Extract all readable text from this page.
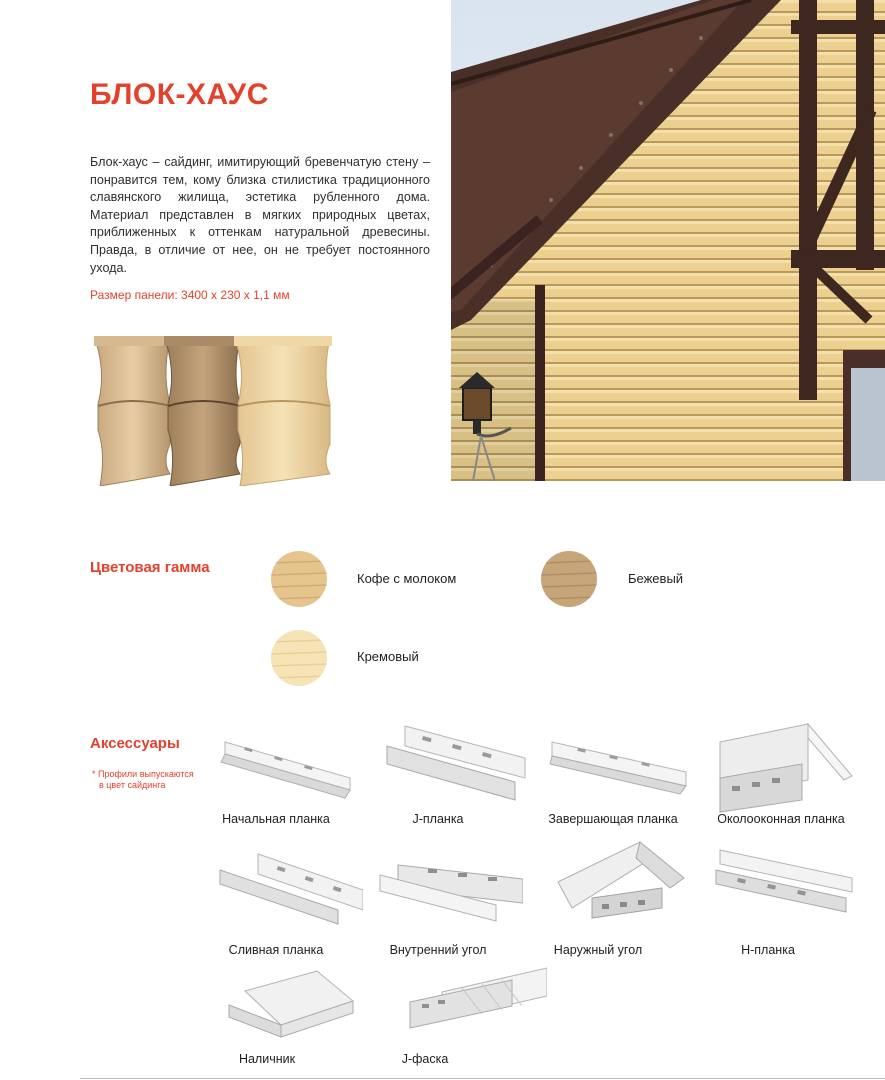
БЛОК-ХАУС
Блок-хаус – сайдинг, имитирующий бревенчатую стену – понравится тем, кому близка стилистика традиционного славянского жилища, эстетика рубленного дома. Материал представлен в мягких природных цветах, приближенных к оттенкам натуральной древесины. Правда, в отличие от нее, он не требует постоянного ухода.
Размер панели: 3400 х 230 х 1,1 мм
Цветовая гамма
Кофе с молоком	Бежевый
Кремовый
Аксессуары
* Профили выпускаются
в цвет сайдинга
Начальная планка	J-планка	Завершающая планка	Околооконная планка
Сливная планка	Внутренний угол	Наружный угол	Н-планка
Наличник	J-фаска
